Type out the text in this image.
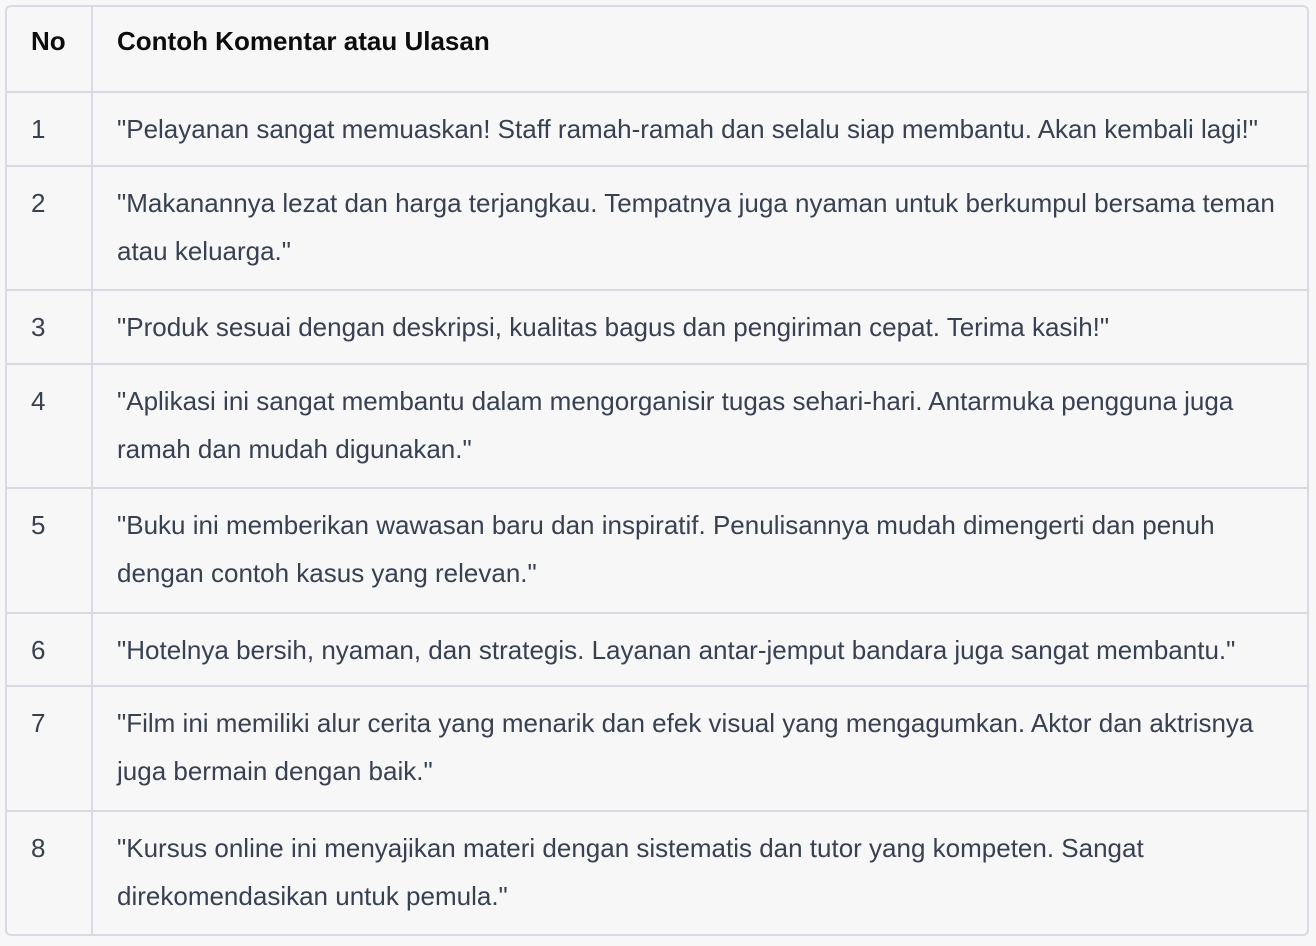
No	Contoh Komentar atau Ulasan
1	"Pelayanan sangat memuaskan! Staff ramah-ramah dan selalu siap membantu. Akan kembali lagi!"
2	"Makanannya lezat dan harga terjangkau. Tempatnya juga nyaman untuk berkumpul bersama teman atau keluarga."
3	"Produk sesuai dengan deskripsi, kualitas bagus dan pengiriman cepat. Terima kasih!"
4	"Aplikasi ini sangat membantu dalam mengorganisir tugas sehari-hari. Antarmuka pengguna juga ramah dan mudah digunakan."
5	"Buku ini memberikan wawasan baru dan inspiratif. Penulisannya mudah dimengerti dan penuh dengan contoh kasus yang relevan."
6	"Hotelnya bersih, nyaman, dan strategis. Layanan antar-jemput bandara juga sangat membantu."
7	"Film ini memiliki alur cerita yang menarik dan efek visual yang mengagumkan. Aktor dan aktrisnya juga bermain dengan baik."
8	"Kursus online ini menyajikan materi dengan sistematis dan tutor yang kompeten. Sangat direkomendasikan untuk pemula."
